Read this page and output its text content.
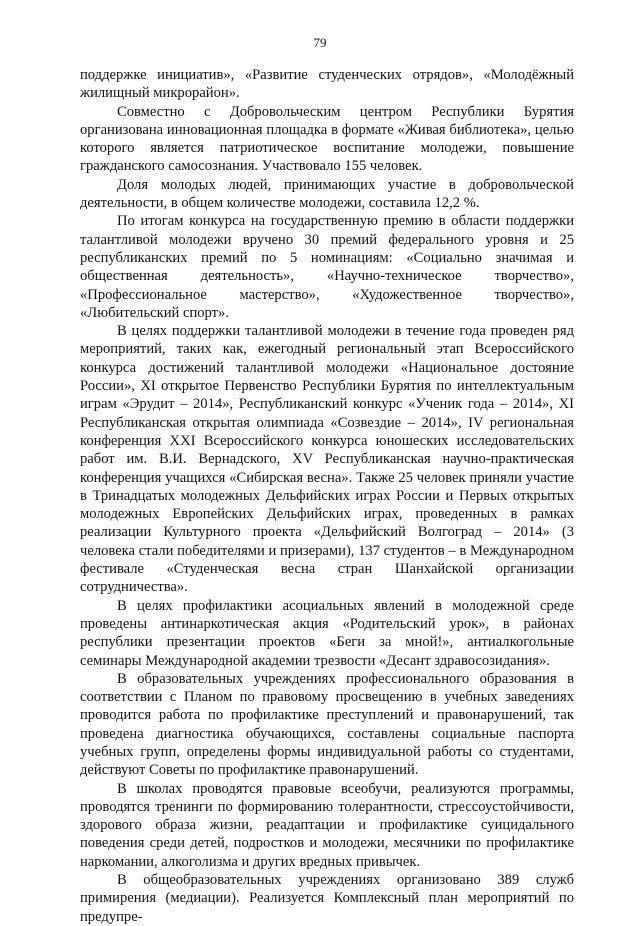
79

поддержке инициатив», «Развитие студенческих отрядов», «Молодёжный жилищный микрорайон».

Совместно с Добровольческим центром Республики Бурятия организована инновационная площадка в формате «Живая библиотека», целью которого является патриотическое воспитание молодежи, повышение гражданского самосознания. Участвовало 155 человек.

Доля молодых людей, принимающих участие в добровольческой деятельности, в общем количестве молодежи, составила 12,2 %.

По итогам конкурса на государственную премию в области поддержки талантливой молодежи вручено 30 премий федерального уровня и 25 республиканских премий по 5 номинациям: «Социально значимая и общественная деятельность», «Научно-техническое творчество», «Профессиональное мастерство», «Художественное творчество», «Любительский спорт».

В целях поддержки талантливой молодежи в течение года проведен ряд мероприятий, таких как, ежегодный региональный этап Всероссийского конкурса достижений талантливой молодежи «Национальное достояние России», XI открытое Первенство Республики Бурятия по интеллектуальным играм «Эрудит – 2014», Республиканский конкурс «Ученик года – 2014», XI Республиканская открытая олимпиада «Созвездие – 2014», IV региональная конференция XXI Всероссийского конкурса юношеских исследовательских работ им. В.И. Вернадского, XV Республиканская научно-практическая конференция учащихся «Сибирская весна». Также 25 человек приняли участие в Тринадцатых молодежных Дельфийских играх России и Первых открытых молодежных Европейских Дельфийских играх, проведенных в рамках реализации Культурного проекта «Дельфийский Волгоград – 2014» (3 человека стали победителями и призерами), 137 студентов – в Международном фестивале «Студенческая весна стран Шанхайской организации сотрудничества».

В целях профилактики асоциальных явлений в молодежной среде проведены антинаркотическая акция «Родительский урок», в районах республики презентации проектов «Беги за мной!», антиалкогольные семинары Международной академии трезвости «Десант здравосозидания».

В образовательных учреждениях профессионального образования в соответствии с Планом по правовому просвещению в учебных заведениях проводится работа по профилактике преступлений и правонарушений, так проведена диагностика обучающихся, составлены социальные паспорта учебных групп, определены формы индивидуальной работы со студентами, действуют Советы по профилактике правонарушений.

В школах проводятся правовые всеобучи, реализуются программы, проводятся тренинги по формированию толерантности, стрессоустойчивости, здорового образа жизни, реадаптации и профилактике суицидального поведения среди детей, подростков и молодежи, месячники по профилактике наркомании, алкоголизма и других вредных привычек.

В общеобразовательных учреждениях организовано 389 служб примирения (медиации). Реализуется Комплексный план мероприятий по предупре-
